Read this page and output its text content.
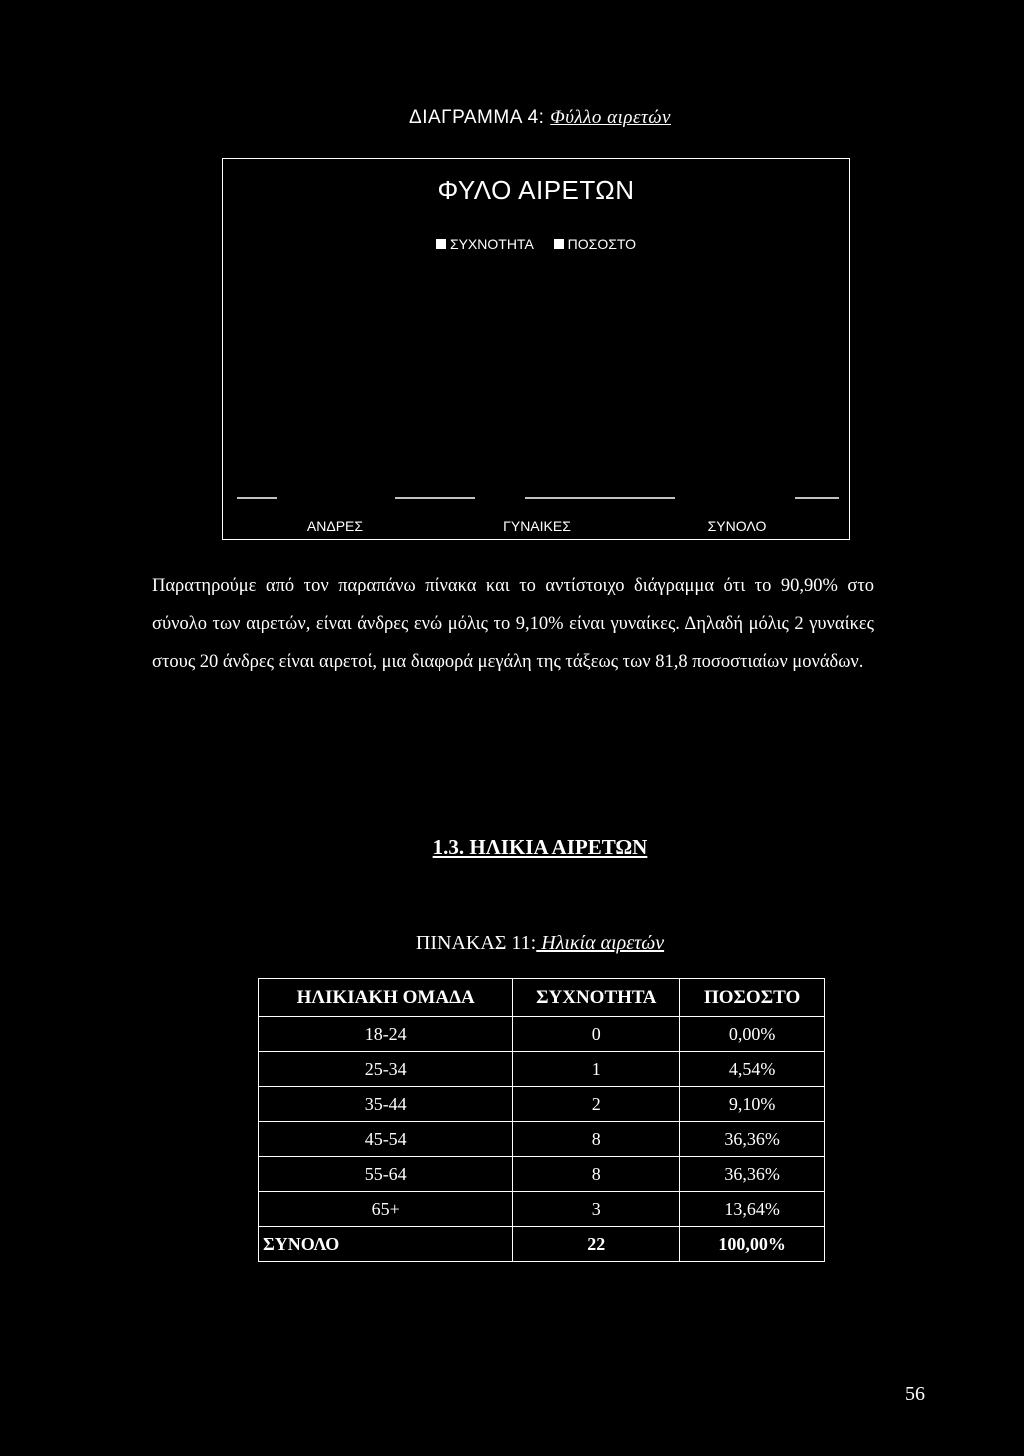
ΔΙΑΓΡΑΜΜΑ 4: Φύλλο αιρετών
ΦΥΛΟ ΑΙΡΕΤΩΝ
ΣΥΧΝΟΤΗΤΑ ΠΟΣΟΣΤΟ
ΑΝΔΡΕΣ	ΓΥΝΑΙΚΕΣ	ΣΥΝΟΛΟ
Παρατηρούμε από τον παραπάνω πίνακα και το αντίστοιχο διάγραμμα ότι το 90,90% στο σύνολο των αιρετών, είναι άνδρες ενώ μόλις το 9,10% είναι γυναίκες. Δηλαδή μόλις 2 γυναίκες στους 20 άνδρες είναι αιρετοί, μια διαφορά μεγάλη της τάξεως των 81,8 ποσοστιαίων μονάδων.
1.3. ΗΛΙΚΙΑ ΑΙΡΕΤΩΝ
ΠΙΝΑΚΑΣ 11: Ηλικία αιρετών
ΗΛΙΚΙΑΚΗ ΟΜΑΔΑ	ΣΥΧΝΟΤΗΤΑ	ΠΟΣΟΣΤΟ
18-24	0	0,00%
25-34	1	4,54%
35-44	2	9,10%
45-54	8	36,36%
55-64	8	36,36%
65+	3	13,64%
ΣΥΝΟΛΟ	22	100,00%
56
